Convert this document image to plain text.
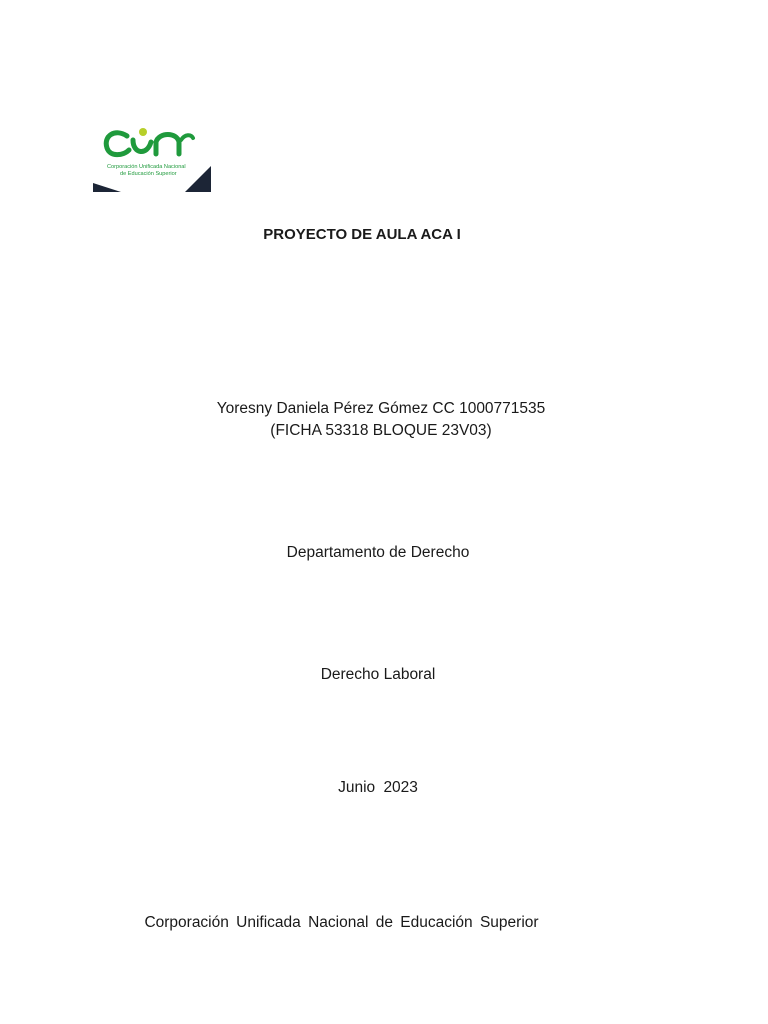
Corporación Unificada Nacional
de Educación Superior
PROYECTO DE AULA ACA I
Yoresny Daniela Pérez Gómez CC 1000771535
(FICHA 53318 BLOQUE 23V03)
Departamento de Derecho
Derecho Laboral
Junio 2023
Corporación Unificada Nacional de Educación Superior
